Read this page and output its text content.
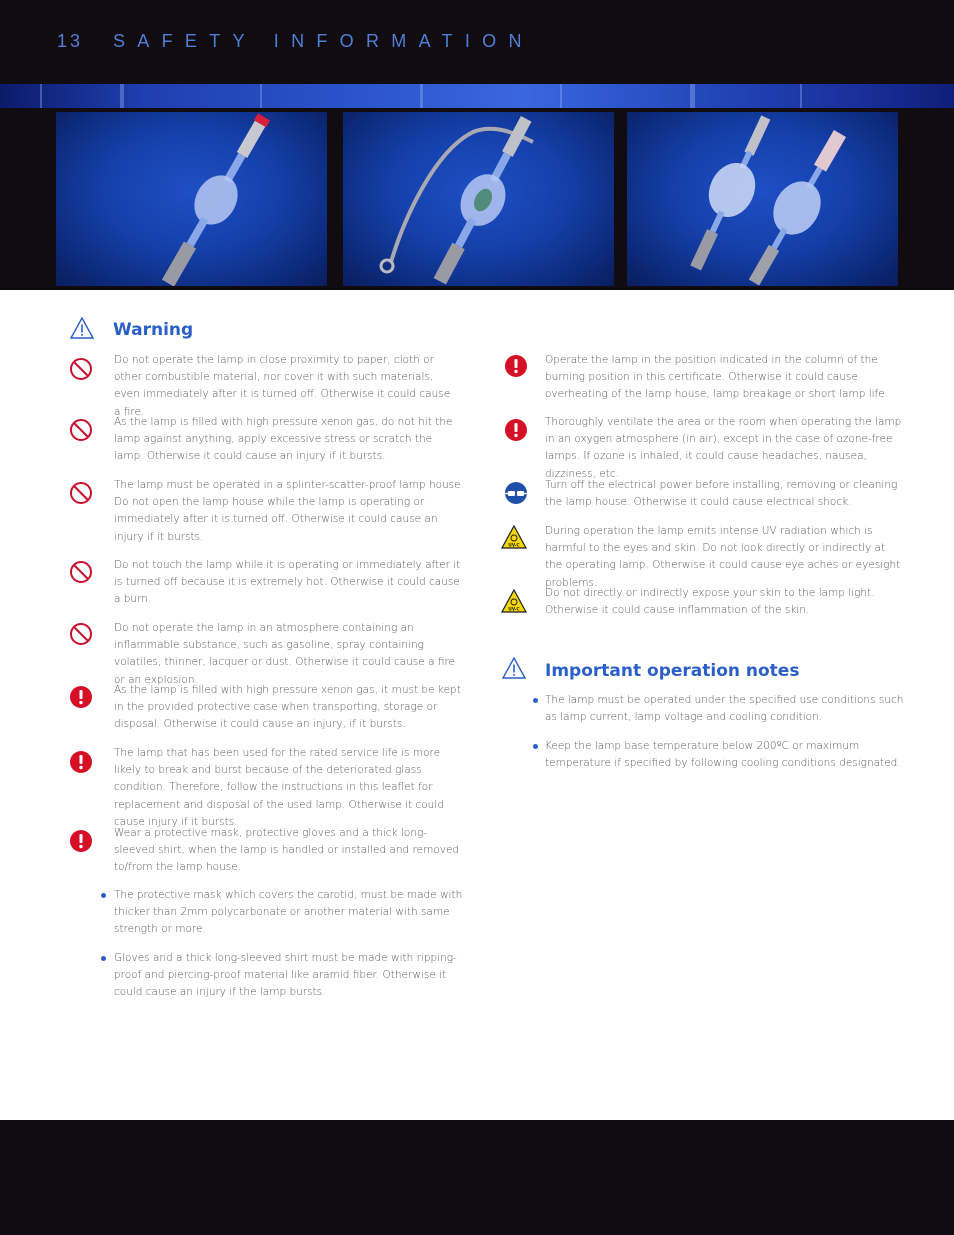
13 SAFETY INFORMATION
Warning
Do not operate the lamp in close proximity to paper, cloth or other combustible material, nor cover it with such materials, even immediately after it is turned off. Otherwise it could cause a fire.
As the lamp is filled with high pressure xenon gas, do not hit the lamp against anything, apply excessive stress or scratch the lamp. Otherwise it could cause an injury if it bursts.
The lamp must be operated in a splinter-scatter-proof lamp house. Do not open the lamp house while the lamp is operating or immediately after it is turned off. Otherwise it could cause an injury if it bursts.
Do not touch the lamp while it is operating or immediately after it is turned off because it is extremely hot. Otherwise it could cause a burn.
Do not operate the lamp in an atmosphere containing an inflammable substance, such as gasoline, spray containing volatiles, thinner, lacquer or dust. Otherwise it could cause a fire or an explosion.
As the lamp is filled with high pressure xenon gas, it must be kept in the provided protective case when transporting, storage or disposal. Otherwise it could cause an injury, if it bursts.
The lamp that has been used for the rated service life is more likely to break and burst because of the deteriorated glass condition. Therefore, follow the instructions in this leaflet for replacement and disposal of the used lamp. Otherwise it could cause injury if it bursts.
Wear a protective mask, protective gloves and a thick long-sleeved shirt, when the lamp is handled or installed and removed to/from the lamp house.
The protective mask which covers the carotid, must be made with thicker than 2mm polycarbonate or another material with same strength or more.
Gloves and a thick long-sleeved shirt must be made with ripping-proof and piercing-proof material like aramid fiber. Otherwise it could cause an injury if the lamp bursts.
Operate the lamp in the position indicated in the column of the burning position in this certificate. Otherwise it could cause overheating of the lamp house, lamp breakage or short lamp life.
Thoroughly ventilate the area or the room when operating the lamp in an oxygen atmosphere (in air), except in the case of ozone-free lamps. If ozone is inhaled, it could cause headaches, nausea, dizziness, etc.
Turn off the electrical power before installing, removing or cleaning the lamp house. Otherwise it could cause electrical shock.
UV-C
During operation the lamp emits intense UV radiation which is harmful to the eyes and skin. Do not look directly or indirectly at the operating lamp. Otherwise it could cause eye aches or eyesight problems.
UV-C
Do not directly or indirectly expose your skin to the lamp light. Otherwise it could cause inflammation of the skin.
Important operation notes
The lamp must be operated under the specified use conditions such as lamp current, lamp voltage and cooling condition.
Keep the lamp base temperature below 200ºC or maximum temperature if specified by following cooling conditions designated.
